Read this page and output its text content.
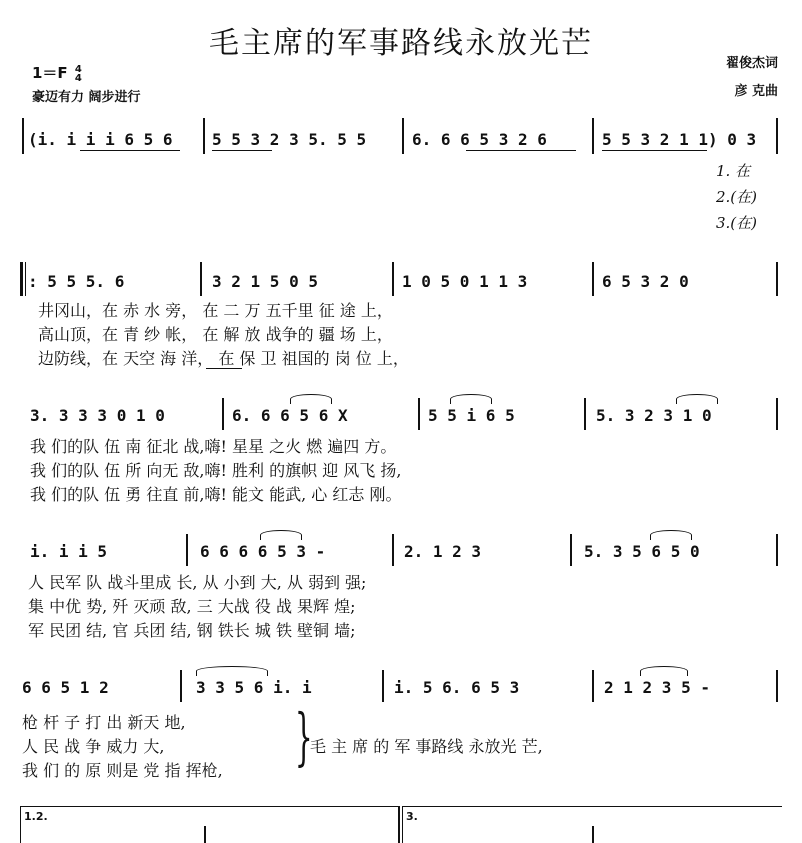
毛主席的军事路线永放光芒
1＝F 4
4
豪迈有力 阔步进行
翟俊杰词
彦 克曲
(i. i i i 6 5 6 5 5 3 2 3 5. 5 5	6. 6 6 5 3 2 6	5 5 3 2 1 1) 0 3
1. 在
2.(在)
3.(在)
: 5 5 5. 6	3 2 1 5 0 5	1 0 5 0 1 1 3	6 5 3 2 0
井冈山，在 赤 水 旁， 在 二 万 五千里 征 途 上，
高山顶，在 青 纱 帐， 在 解 放 战争的 疆 场 上，
边防线，在 天空 海 洋， 在 保 卫 祖国的 岗 位 上，
3. 3 3 3 0 1 0	6. 6 6 5 6 X	5 5 i 6 5	5. 3 2 3 1 0
我 们的队 伍 南 征北 战,嗨! 星星 之火 燃 遍四 方。
我 们的队 伍 所 向无 敌,嗨! 胜利 的旗帜 迎 风飞 扬,
我 们的队 伍 勇 往直 前,嗨! 能文 能武, 心 红志 刚。
i. i i 5	6 6 6 6 5 3 -	2. 1 2 3	5. 3 5 6 5 0
人 民军 队 战斗里成 长, 从 小到 大, 从 弱到 强;
集 中优 势, 歼 灭顽 敌, 三 大战 役 战 果辉 煌;
军 民团 结, 官 兵团 结, 钢 铁长 城 铁 壁铜 墙;
6 6 5 1 2	3 3 5 6 i. i	i. 5 6. 6 5 3	2 1 2 3 5 -
枪 杆 子 打 出 新天 地,
人 民 战 争 威力 大,
我 们 的 原 则是 党 指 挥枪, }
毛 主 席 的 军 事路线 永放光 芒,
1.2.	3.
